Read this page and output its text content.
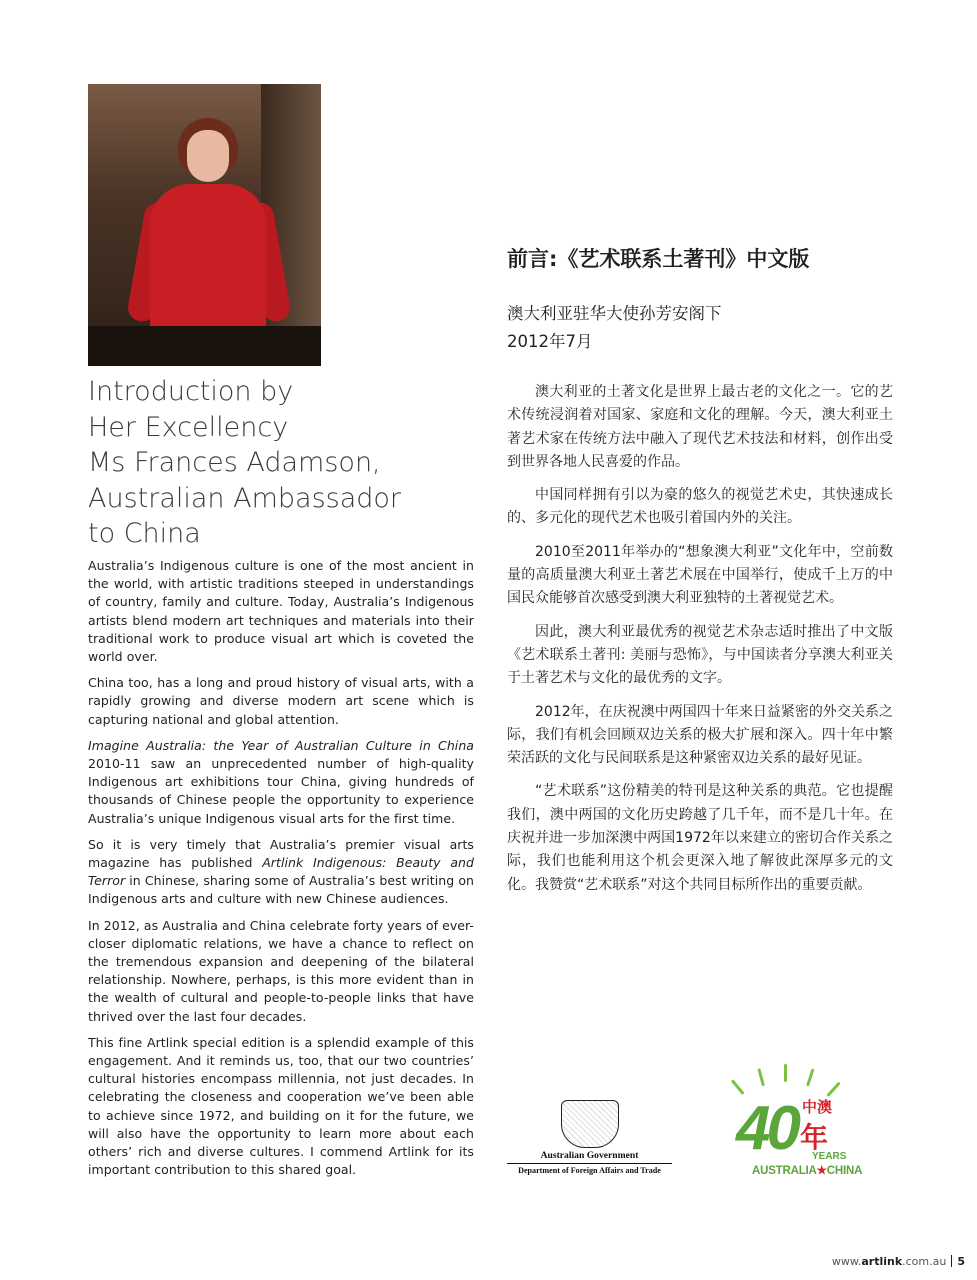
Introduction by
Her Excellency
Ms Frances Adamson,
Australian Ambassador
to China

Australia’s Indigenous culture is one of the most ancient in the world, with artistic traditions steeped in understandings of country, family and culture. Today, Australia’s Indigenous artists blend modern art techniques and materials into their traditional work to produce visual art which is coveted the world over.

China too, has a long and proud history of visual arts, with a rapidly growing and diverse modern art scene which is capturing national and global attention.

Imagine Australia: the Year of Australian Culture in China 2010-11 saw an unprecedented number of high-quality Indigenous art exhibitions tour China, giving hundreds of thousands of Chinese people the opportunity to experience Australia’s unique Indigenous visual arts for the first time.

So it is very timely that Australia’s premier visual arts magazine has published Artlink Indigenous: Beauty and Terror in Chinese, sharing some of Australia’s best writing on Indigenous arts and culture with new Chinese audiences.

In 2012, as Australia and China celebrate forty years of ever-closer diplomatic relations, we have a chance to reflect on the tremendous expansion and deepening of the bilateral relationship. Nowhere, perhaps, is this more evident than in the wealth of cultural and people-to-people links that have thrived over the last four decades.

This fine Artlink special edition is a splendid example of this engagement. And it reminds us, too, that our two countries’ cultural histories encompass millennia, not just decades. In celebrating the closeness and cooperation we’ve been able to achieve since 1972, and building on it for the future, we will also have the opportunity to learn more about each others’ rich and diverse cultures. I commend Artlink for its important contribution to this shared goal.

前言:《艺术联系土著刊》中文版
澳大利亚驻华大使孙芳安阁下
2012年7月

澳大利亚的土著文化是世界上最古老的文化之一。它的艺术传统浸润着对国家、家庭和文化的理解。今天，澳大利亚土著艺术家在传统方法中融入了现代艺术技法和材料，创作出受到世界各地人民喜爱的作品。

中国同样拥有引以为豪的悠久的视觉艺术史，其快速成长的、多元化的现代艺术也吸引着国内外的关注。

2010至2011年举办的“想象澳大利亚”文化年中，空前数量的高质量澳大利亚土著艺术展在中国举行，使成千上万的中国民众能够首次感受到澳大利亚独特的土著视觉艺术。

因此，澳大利亚最优秀的视觉艺术杂志适时推出了中文版《艺术联系土著刊: 美丽与恐怖》，与中国读者分享澳大利亚关于土著艺术与文化的最优秀的文字。

2012年，在庆祝澳中两国四十年来日益紧密的外交关系之际，我们有机会回顾双边关系的极大扩展和深入。四十年中繁荣活跃的文化与民间联系是这种紧密双边关系的最好见证。

“艺术联系”这份精美的特刊是这种关系的典范。它也提醒我们，澳中两国的文化历史跨越了几千年，而不是几十年。在庆祝并进一步加深澳中两国1972年以来建立的密切合作关系之际，我们也能利用这个机会更深入地了解彼此深厚多元的文化。我赞赏“艺术联系”对这个共同目标所作出的重要贡献。

Australian Government
Department of Foreign Affairs and Trade
40 中澳
年
YEARS
AUSTRALIA★CHINA
www.artlink.com.au 5
